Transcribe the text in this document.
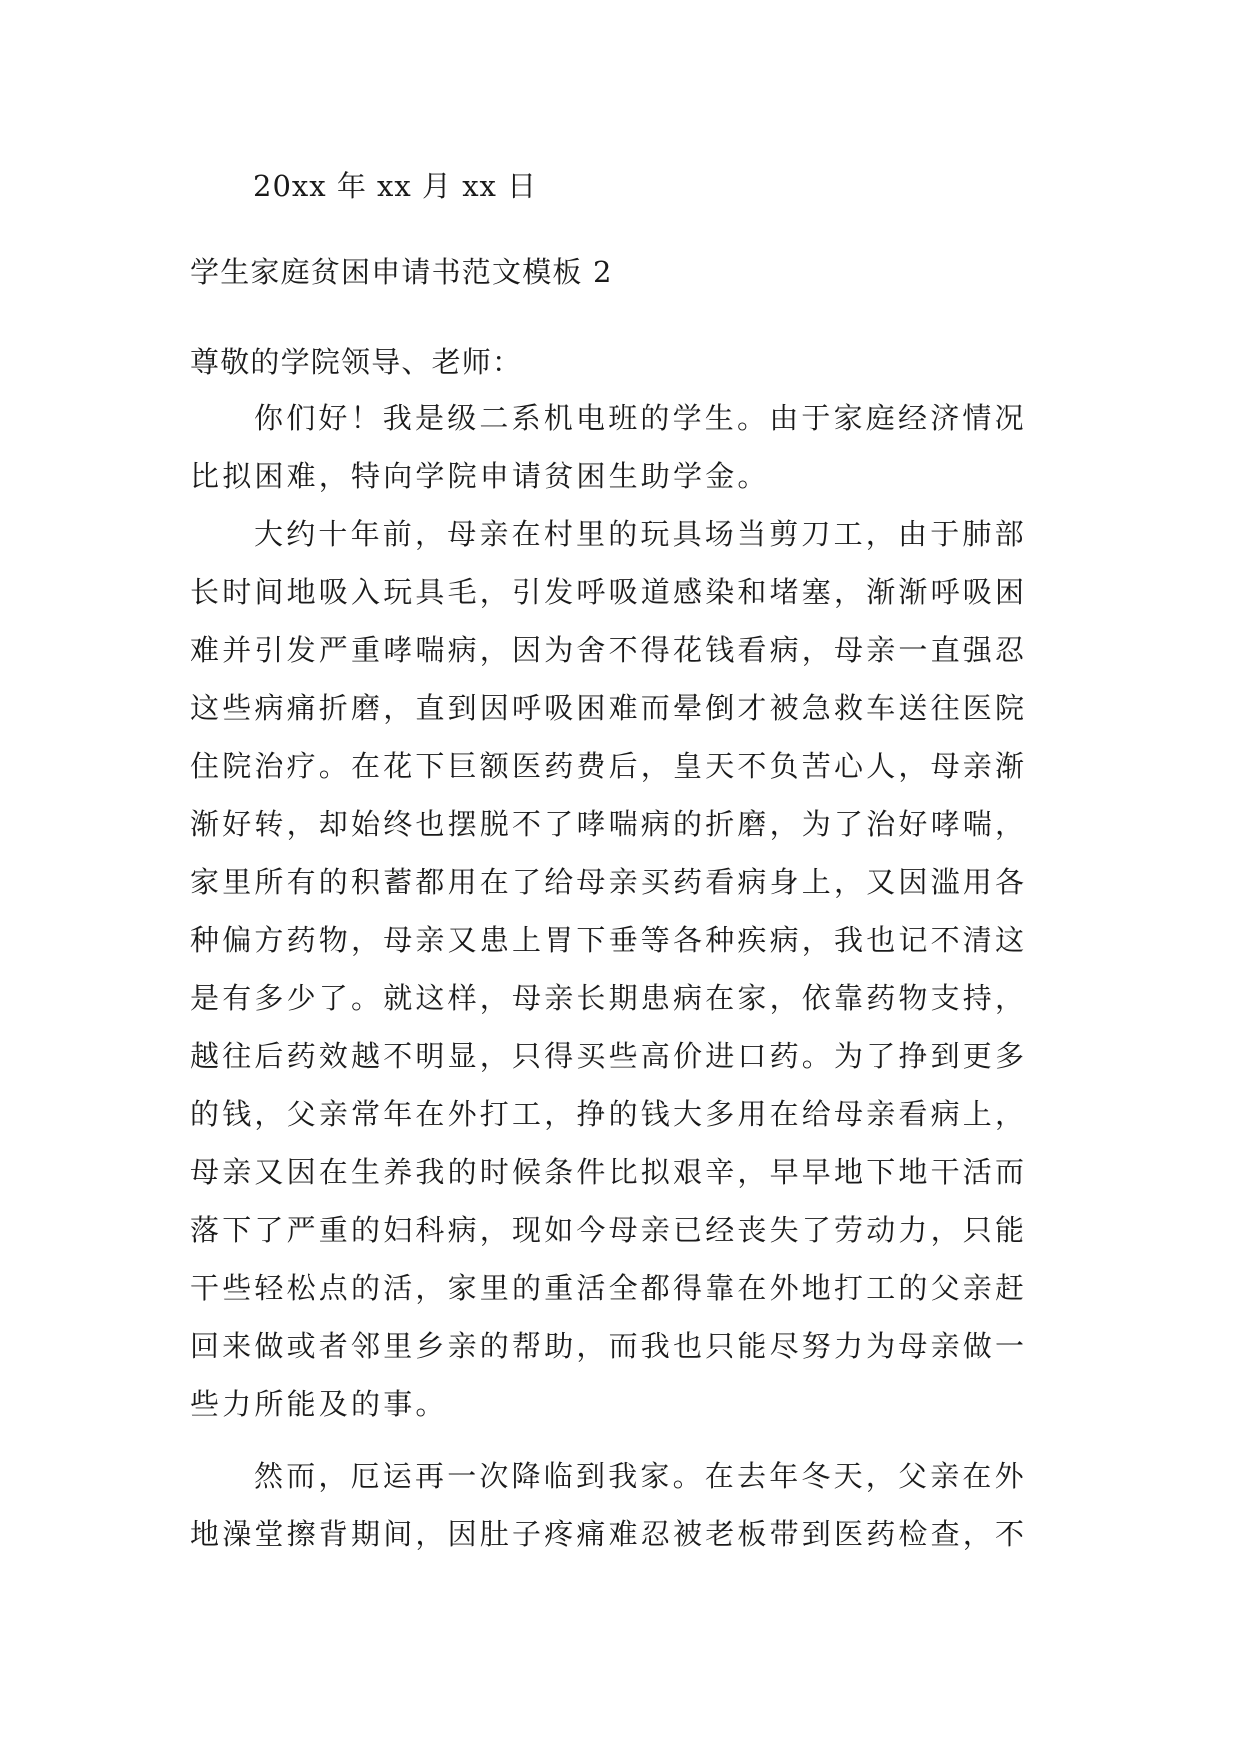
20xx 年 xx 月 xx 日
学生家庭贫困申请书范文模板 2
尊敬的学院领导、老师：
你们好！我是级二系机电班的学生。由于家庭经济情况
比拟困难，特向学院申请贫困生助学金。
大约十年前，母亲在村里的玩具场当剪刀工，由于肺部
长时间地吸入玩具毛，引发呼吸道感染和堵塞，渐渐呼吸困
难并引发严重哮喘病，因为舍不得花钱看病，母亲一直强忍
这些病痛折磨，直到因呼吸困难而晕倒才被急救车送往医院
住院治疗。在花下巨额医药费后，皇天不负苦心人，母亲渐
渐好转，却始终也摆脱不了哮喘病的折磨，为了治好哮喘，
家里所有的积蓄都用在了给母亲买药看病身上，又因滥用各
种偏方药物，母亲又患上胃下垂等各种疾病，我也记不清这
是有多少了。就这样，母亲长期患病在家，依靠药物支持，
越往后药效越不明显，只得买些高价进口药。为了挣到更多
的钱，父亲常年在外打工，挣的钱大多用在给母亲看病上，
母亲又因在生养我的时候条件比拟艰辛，早早地下地干活而
落下了严重的妇科病，现如今母亲已经丧失了劳动力，只能
干些轻松点的活，家里的重活全都得靠在外地打工的父亲赶
回来做或者邻里乡亲的帮助，而我也只能尽努力为母亲做一
些力所能及的事。
然而，厄运再一次降临到我家。在去年冬天，父亲在外
地澡堂擦背期间，因肚子疼痛难忍被老板带到医药检查，不
